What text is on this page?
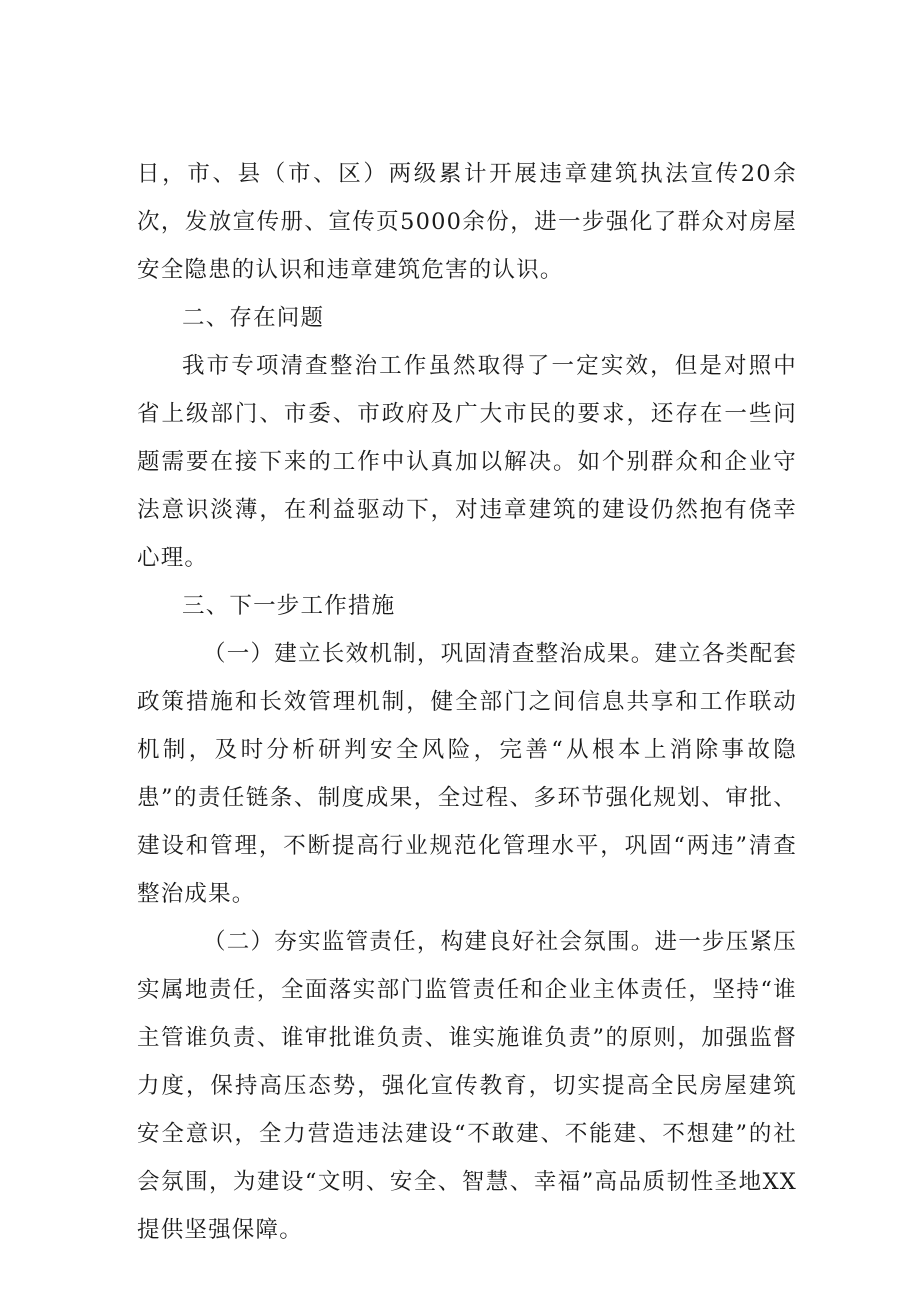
日，市、县（市、区）两级累计开展违章建筑执法宣传20余次，发放宣传册、宣传页5000余份，进一步强化了群众对房屋安全隐患的认识和违章建筑危害的认识。

二、存在问题

我市专项清查整治工作虽然取得了一定实效，但是对照中省上级部门、市委、市政府及广大市民的要求，还存在一些问题需要在接下来的工作中认真加以解决。如个别群众和企业守法意识淡薄，在利益驱动下，对违章建筑的建设仍然抱有侥幸心理。

三、下一步工作措施

（一）建立长效机制，巩固清查整治成果。建立各类配套政策措施和长效管理机制，健全部门之间信息共享和工作联动机制，及时分析研判安全风险，完善“从根本上消除事故隐患”的责任链条、制度成果，全过程、多环节强化规划、审批、建设和管理，不断提高行业规范化管理水平，巩固“两违”清查整治成果。

（二）夯实监管责任，构建良好社会氛围。进一步压紧压实属地责任，全面落实部门监管责任和企业主体责任，坚持“谁主管谁负责、谁审批谁负责、谁实施谁负责”的原则，加强监督力度，保持高压态势，强化宣传教育，切实提高全民房屋建筑安全意识，全力营造违法建设“不敢建、不能建、不想建”的社会氛围，为建设“文明、安全、智慧、幸福”高品质韧性圣地XX提供坚强保障。
